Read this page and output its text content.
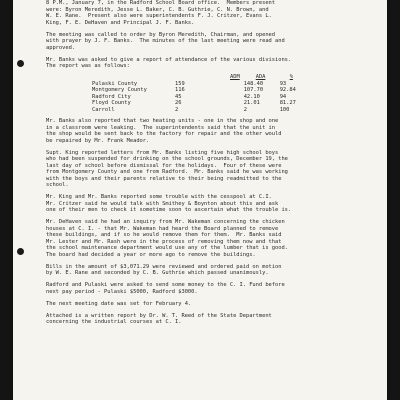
8 P.M., January 7, in the Radford School Board office.  Members present
were: Byron Meredith, Jesse L. Baker, C. B. Guthrie, C. N. Brown, and
W. E. Rane.  Present also were superintendents F. J. Critzer, Evans L.
King, F. E. DeHaven and Principal J. F. Banks.

The meeting was called to order by Byron Meredith, Chairman, and opened
with prayer by J. F. Banks.  The minutes of the last meeting were read and
approved.

Mr. Banks was asked to give a report of attendance of the various divisions.
The report was as follows:

	ADM	ADA	%
Pulaski County	159	148.40	93
Montgomery County	116	107.70	92.84
Radford City	45	42.10	94
Floyd County	26	21.01	81.27
Carroll	2	2	100

Mr. Banks also reported that two heating units - one in the shop and one
in a classroom were leaking.  The superintendents said that the unit in
the shop would be sent back to the factory for repair and the other would
be repaired by Mr. Frank Meador.

Supt. King reported letters from Mr. Banks listing five high school boys
who had been suspended for drinking on the school grounds, December 19, the
last day of school before dismissal for the holidays.  Four of these were
from Montgomery County and one from Radford.  Mr. Banks said he was working
with the boys and their parents relative to their being readmitted to the
school.

Mr. King and Mr. Banks reported some trouble with the cesspool at C.I.
Mr. Critzer said he would talk with Smithey & Boynton about this and ask
one of their men to check it sometime soon to ascertain what the trouble is.

Mr. DeHaven said he had an inquiry from Mr. Wakeman concerning the chicken
houses at C. I. - that Mr. Wakeman had heard the Board planned to remove
these buildings, and if so he would remove them for them.  Mr. Banks said
Mr. Lester and Mr. Rash were in the process of removing them now and that
the school maintenance department would use any of the lumber that is good.
The board had decided a year or more ago to remove the buildings.

Bills in the amount of $3,071.29 were reviewed and ordered paid on motion
by W. E. Rane and seconded by C. B. Guthrie which passed unanimously.

Radford and Pulaski were asked to send some money to the C. I. Fund before
next pay period - Pulaski $5000, Radford $3000.

The next meeting date was set for February 4.

Attached is a written report by Dr. W. T. Reed of the State Department
concerning the industrial courses at C. I.
